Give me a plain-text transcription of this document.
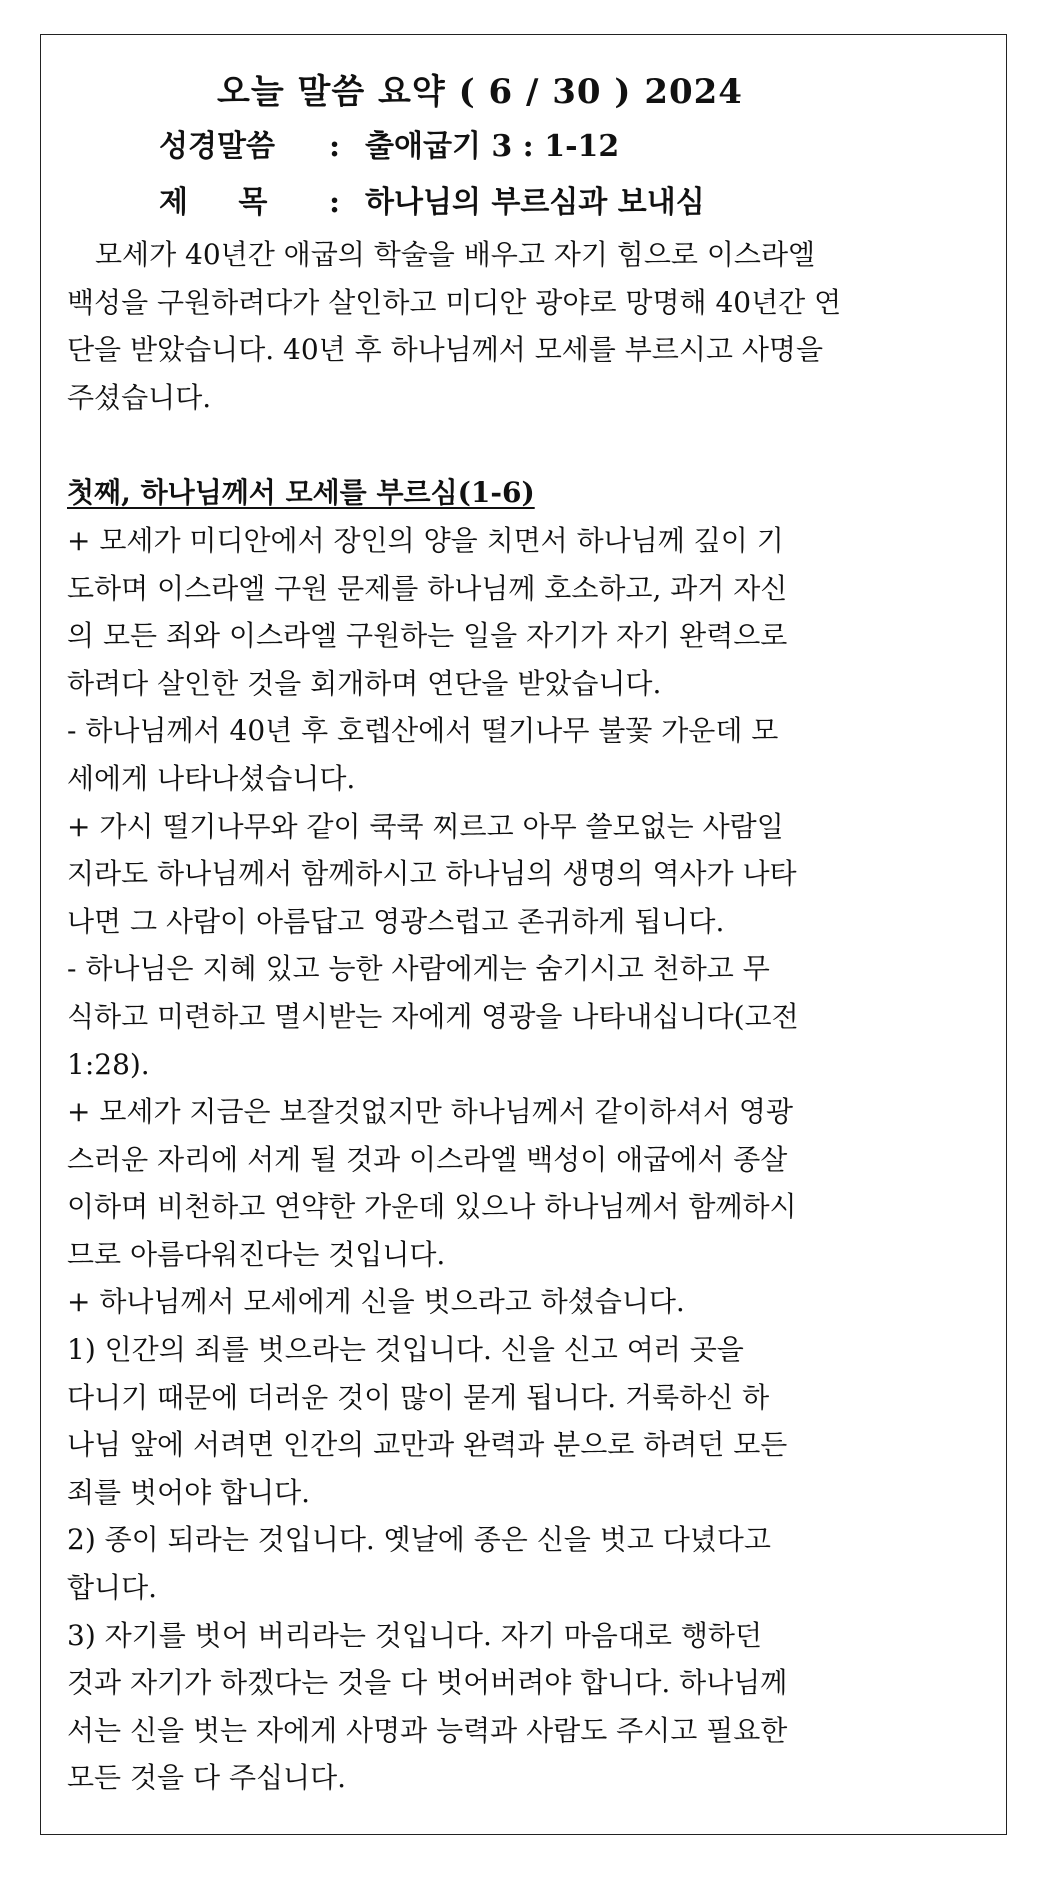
오늘 말씀 요약 ( 6 / 30 ) 2024
성경말씀 : 출애굽기 3 : 1-12
제 목 : 하나님의 부르심과 보내심
　모세가 40년간 애굽의 학술을 배우고 자기 힘으로 이스라엘
백성을 구원하려다가 살인하고 미디안 광야로 망명해 40년간 연
단을 받았습니다. 40년 후 하나님께서 모세를 부르시고 사명을
주셨습니다.
첫째, 하나님께서 모세를 부르심(1-6)
+ 모세가 미디안에서 장인의 양을 치면서 하나님께 깊이 기
도하며 이스라엘 구원 문제를 하나님께 호소하고, 과거 자신
의 모든 죄와 이스라엘 구원하는 일을 자기가 자기 완력으로
하려다 살인한 것을 회개하며 연단을 받았습니다.
- 하나님께서 40년 후 호렙산에서 떨기나무 불꽃 가운데 모
세에게 나타나셨습니다.
+ 가시 떨기나무와 같이 쿡쿡 찌르고 아무 쓸모없는 사람일
지라도 하나님께서 함께하시고 하나님의 생명의 역사가 나타
나면 그 사람이 아름답고 영광스럽고 존귀하게 됩니다.
- 하나님은 지혜 있고 능한 사람에게는 숨기시고 천하고 무
식하고 미련하고 멸시받는 자에게 영광을 나타내십니다(고전
1:28).
+ 모세가 지금은 보잘것없지만 하나님께서 같이하셔서 영광
스러운 자리에 서게 될 것과 이스라엘 백성이 애굽에서 종살
이하며 비천하고 연약한 가운데 있으나 하나님께서 함께하시
므로 아름다워진다는 것입니다.
+ 하나님께서 모세에게 신을 벗으라고 하셨습니다.
1) 인간의 죄를 벗으라는 것입니다. 신을 신고 여러 곳을
다니기 때문에 더러운 것이 많이 묻게 됩니다. 거룩하신 하
나님 앞에 서려면 인간의 교만과 완력과 분으로 하려던 모든
죄를 벗어야 합니다.
2) 종이 되라는 것입니다. 옛날에 종은 신을 벗고 다녔다고
합니다.
3) 자기를 벗어 버리라는 것입니다. 자기 마음대로 행하던
것과 자기가 하겠다는 것을 다 벗어버려야 합니다. 하나님께
서는 신을 벗는 자에게 사명과 능력과 사람도 주시고 필요한
모든 것을 다 주십니다.
